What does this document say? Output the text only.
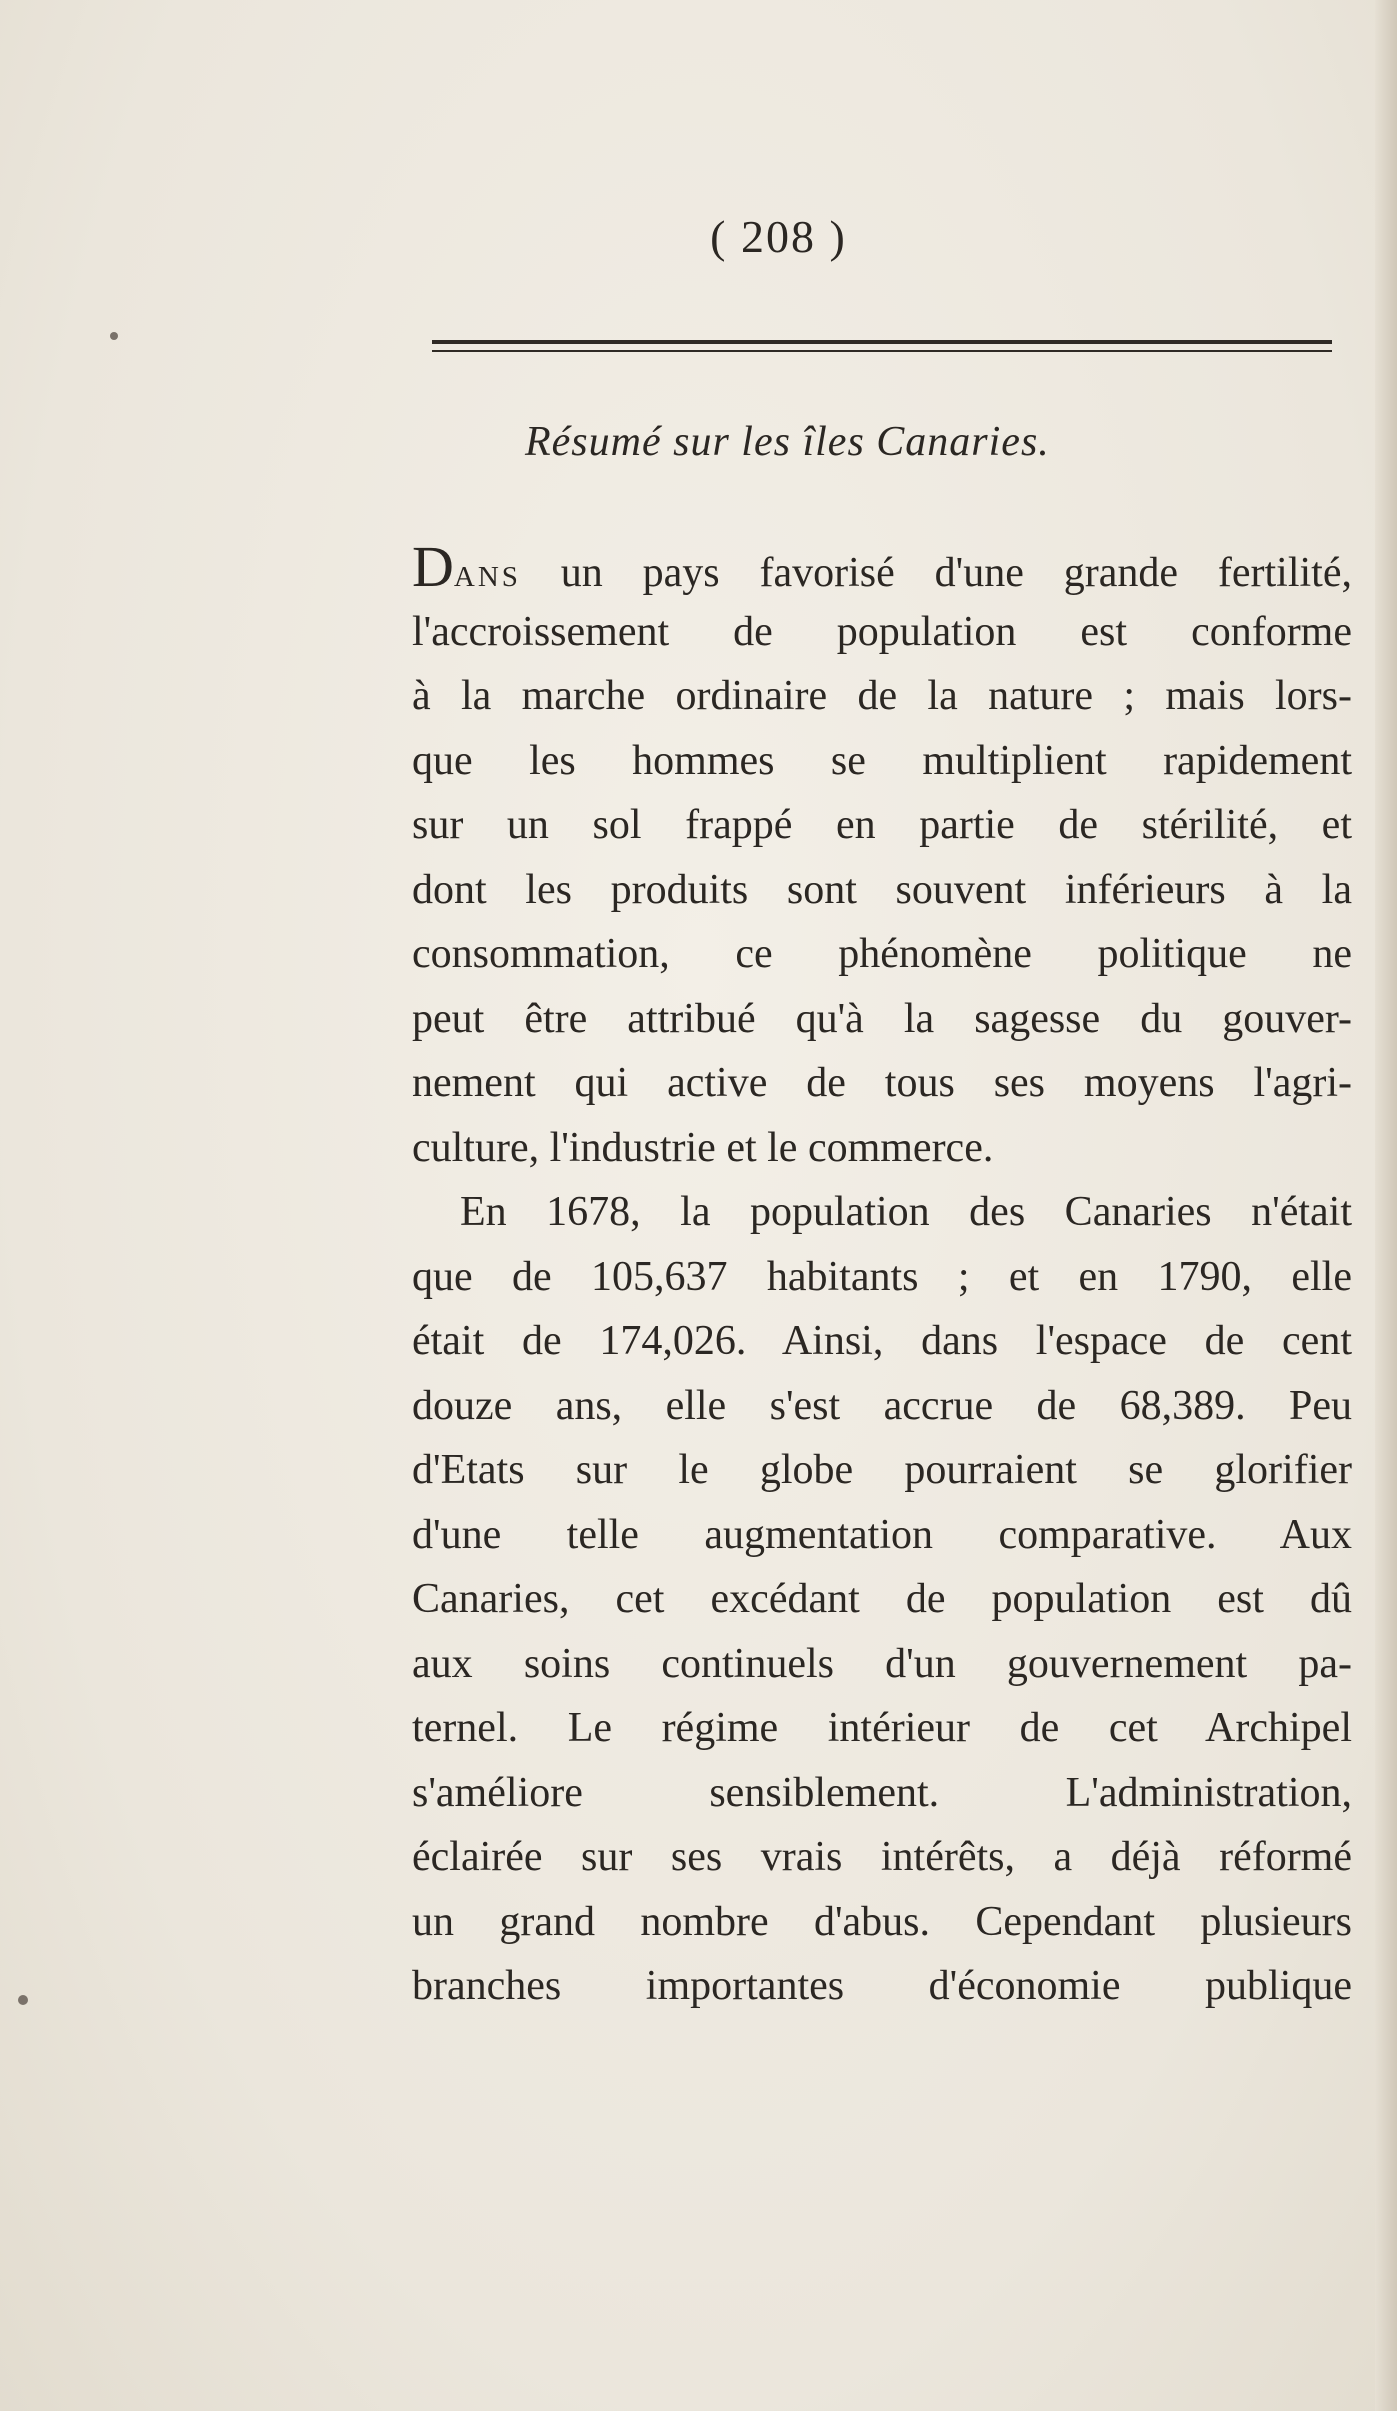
( 208 )
Résumé sur les îles Canaries.
Dans un pays favorisé d'une grande fertilité,
l'accroissement de population est conforme
à la marche ordinaire de la nature ; mais lors-
que les hommes se multiplient rapidement
sur un sol frappé en partie de stérilité, et
dont les produits sont souvent inférieurs à la
consommation, ce phénomène politique ne
peut être attribué qu'à la sagesse du gouver-
nement qui active de tous ses moyens l'agri-
culture, l'industrie et le commerce.
En 1678, la population des Canaries n'était
que de 105,637 habitants ; et en 1790, elle
était de 174,026. Ainsi, dans l'espace de cent
douze ans, elle s'est accrue de 68,389. Peu
d'Etats sur le globe pourraient se glorifier
d'une telle augmentation comparative. Aux
Canaries, cet excédant de population est dû
aux soins continuels d'un gouvernement pa-
ternel. Le régime intérieur de cet Archipel
s'améliore sensiblement. L'administration,
éclairée sur ses vrais intérêts, a déjà réformé
un grand nombre d'abus. Cependant plusieurs
branches importantes d'économie publique
